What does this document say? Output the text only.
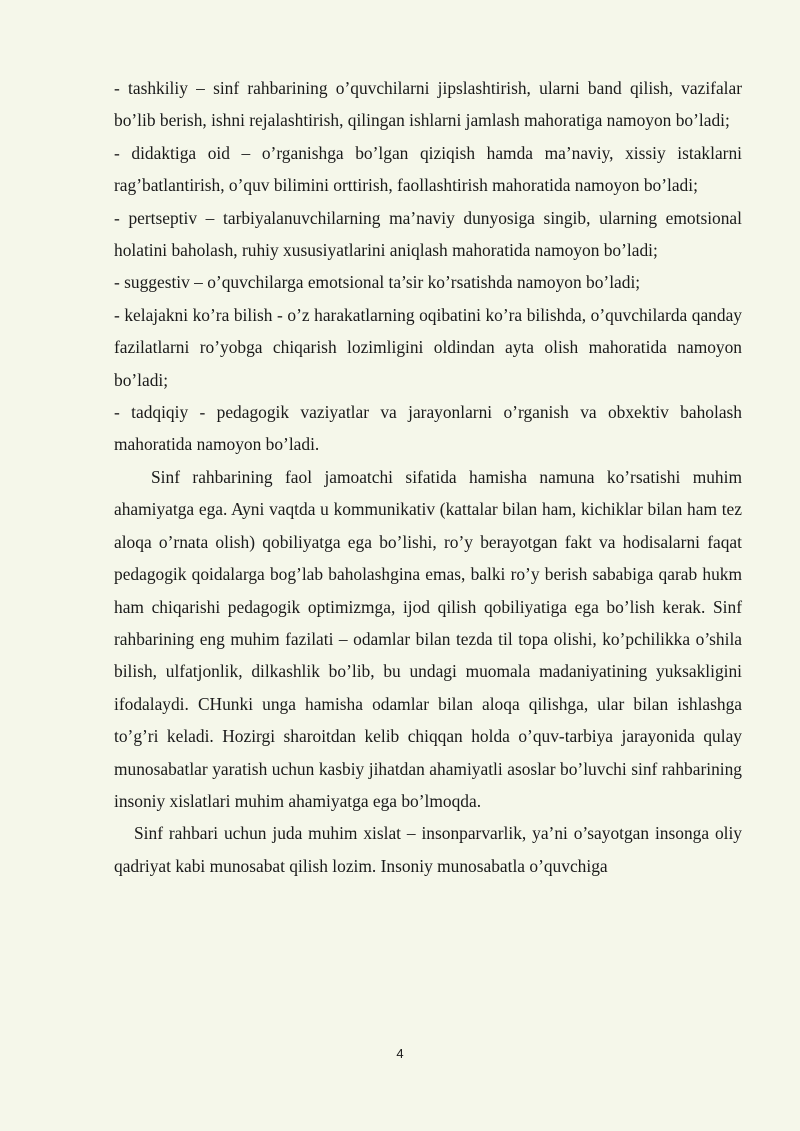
- tashkiliy – sinf rahbarining o’quvchilarni jipslashtirish, ularni band qilish, vazifalar bo’lib berish, ishni rejalashtirish, qilingan ishlarni jamlash mahoratiga namoyon bo’ladi;

- didaktiga oid – o’rganishga bo’lgan qiziqish hamda ma’naviy, xissiy istaklarni rag’batlantirish, o’quv bilimini orttirish, faollashtirish mahoratida namoyon bo’ladi;

- pertseptiv – tarbiyalanuvchilarning ma’naviy dunyosiga singib, ularning emotsional holatini baholash, ruhiy xususiyatlarini aniqlash mahoratida namoyon bo’ladi;

- suggestiv – o’quvchilarga emotsional ta’sir ko’rsatishda namoyon bo’ladi;

- kelajakni ko’ra bilish - o’z harakatlarning oqibatini ko’ra bilishda, o’quvchilarda qanday fazilatlarni ro’yobga chiqarish lozimligini oldindan ayta olish mahoratida namoyon bo’ladi;

- tadqiqiy - pedagogik vaziyatlar va jarayonlarni o’rganish va obxektiv baholash mahoratida namoyon bo’ladi.

Sinf rahbarining faol jamoatchi sifatida hamisha namuna ko’rsatishi muhim ahamiyatga ega. Ayni vaqtda u kommunikativ (kattalar bilan ham, kichiklar bilan ham tez aloqa o’rnata olish) qobiliyatga ega bo’lishi, ro’y berayotgan fakt va hodisalarni faqat pedagogik qoidalarga bog’lab baholashgina emas, balki ro’y berish sababiga qarab hukm ham chiqarishi pedagogik optimizmga, ijod qilish qobiliyatiga ega bo’lish kerak. Sinf rahbarining eng muhim fazilati – odamlar bilan tezda til topa olishi, ko’pchilikka o’shila bilish, ulfatjonlik, dilkashlik bo’lib, bu undagi muomala madaniyatining yuksakligini ifodalaydi. CHunki unga hamisha odamlar bilan aloqa qilishga, ular bilan ishlashga to’g’ri keladi. Hozirgi sharoitdan kelib chiqqan holda o’quv-tarbiya jarayonida qulay munosabatlar yaratish uchun kasbiy jihatdan ahamiyatli asoslar bo’luvchi sinf rahbarining insoniy xislatlari muhim ahamiyatga ega bo’lmoqda.

Sinf rahbari uchun juda muhim xislat – insonparvarlik, ya’ni o’sayotgan insonga oliy qadriyat kabi munosabat qilish lozim. Insoniy munosabatla o’quvchiga

4
